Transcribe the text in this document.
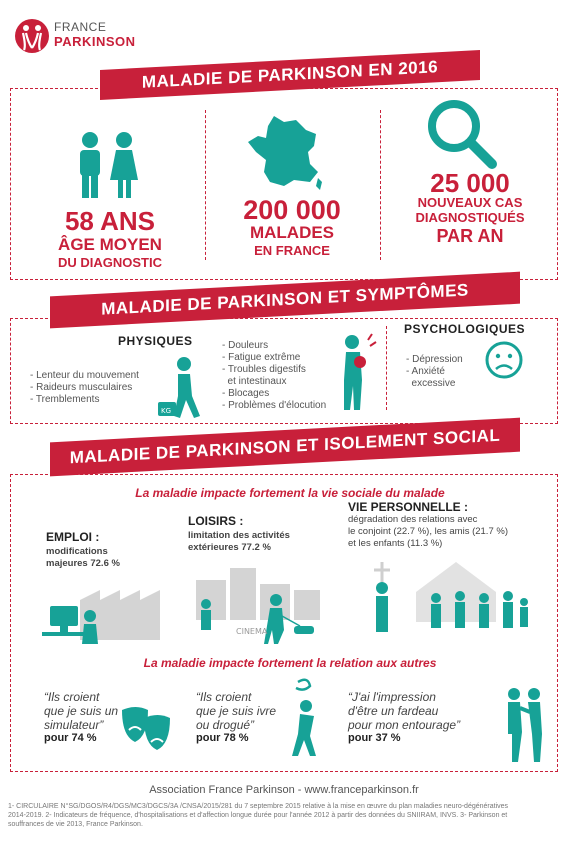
FRANCE
PARKINSON
MALADIE DE PARKINSON EN 2016
58 ANS
ÂGE MOYEN
DU DIAGNOSTIC
200 000
MALADES
EN FRANCE
25 000
NOUVEAUX CAS
DIAGNOSTIQUÉS
PAR AN
MALADIE DE PARKINSON ET SYMPTÔMES
PHYSIQUES
- Lenteur du mouvement
- Raideurs musculaires
- Tremblements
KG
- Douleurs
- Fatigue extrême
- Troubles digestifs
et intestinaux
- Blocages
- Problèmes d'élocution
PSYCHOLOGIQUES
- Dépression
- Anxiété
excessive
MALADIE DE PARKINSON ET ISOLEMENT SOCIAL
La maladie impacte fortement la vie sociale du malade
EMPLOI :
modifications
majeures 72.6 %
LOISIRS :
limitation des activités
extérieures 77.2 %
VIE PERSONNELLE :
dégradation des relations avec
le conjoint (22.7 %), les amis (21.7 %)
et les enfants (11.3 %)
CINEMA
La maladie impacte fortement la relation aux autres
“Ils croient
que je suis un
simulateur”
pour 74 %
“Ils croient
que je suis ivre
ou drogué”
pour 78 %
“J'ai l'impression
d'être un fardeau
pour mon entourage”
pour 37 %
Association France Parkinson - www.franceparkinson.fr
1- CIRCULAIRE N°SG/DGOS/R4/DGS/MC3/DGCS/3A /CNSA/2015/281 du 7 septembre 2015 relative à la mise en œuvre du plan maladies neuro-dégénératives
2014-2019. 2- Indicateurs de fréquence, d'hospitalisations et d'affection longue durée pour l'année 2012 à partir des données du SNIIRAM, INVS. 3- Parkinson et
souffrances de vie 2013, France Parkinson.
